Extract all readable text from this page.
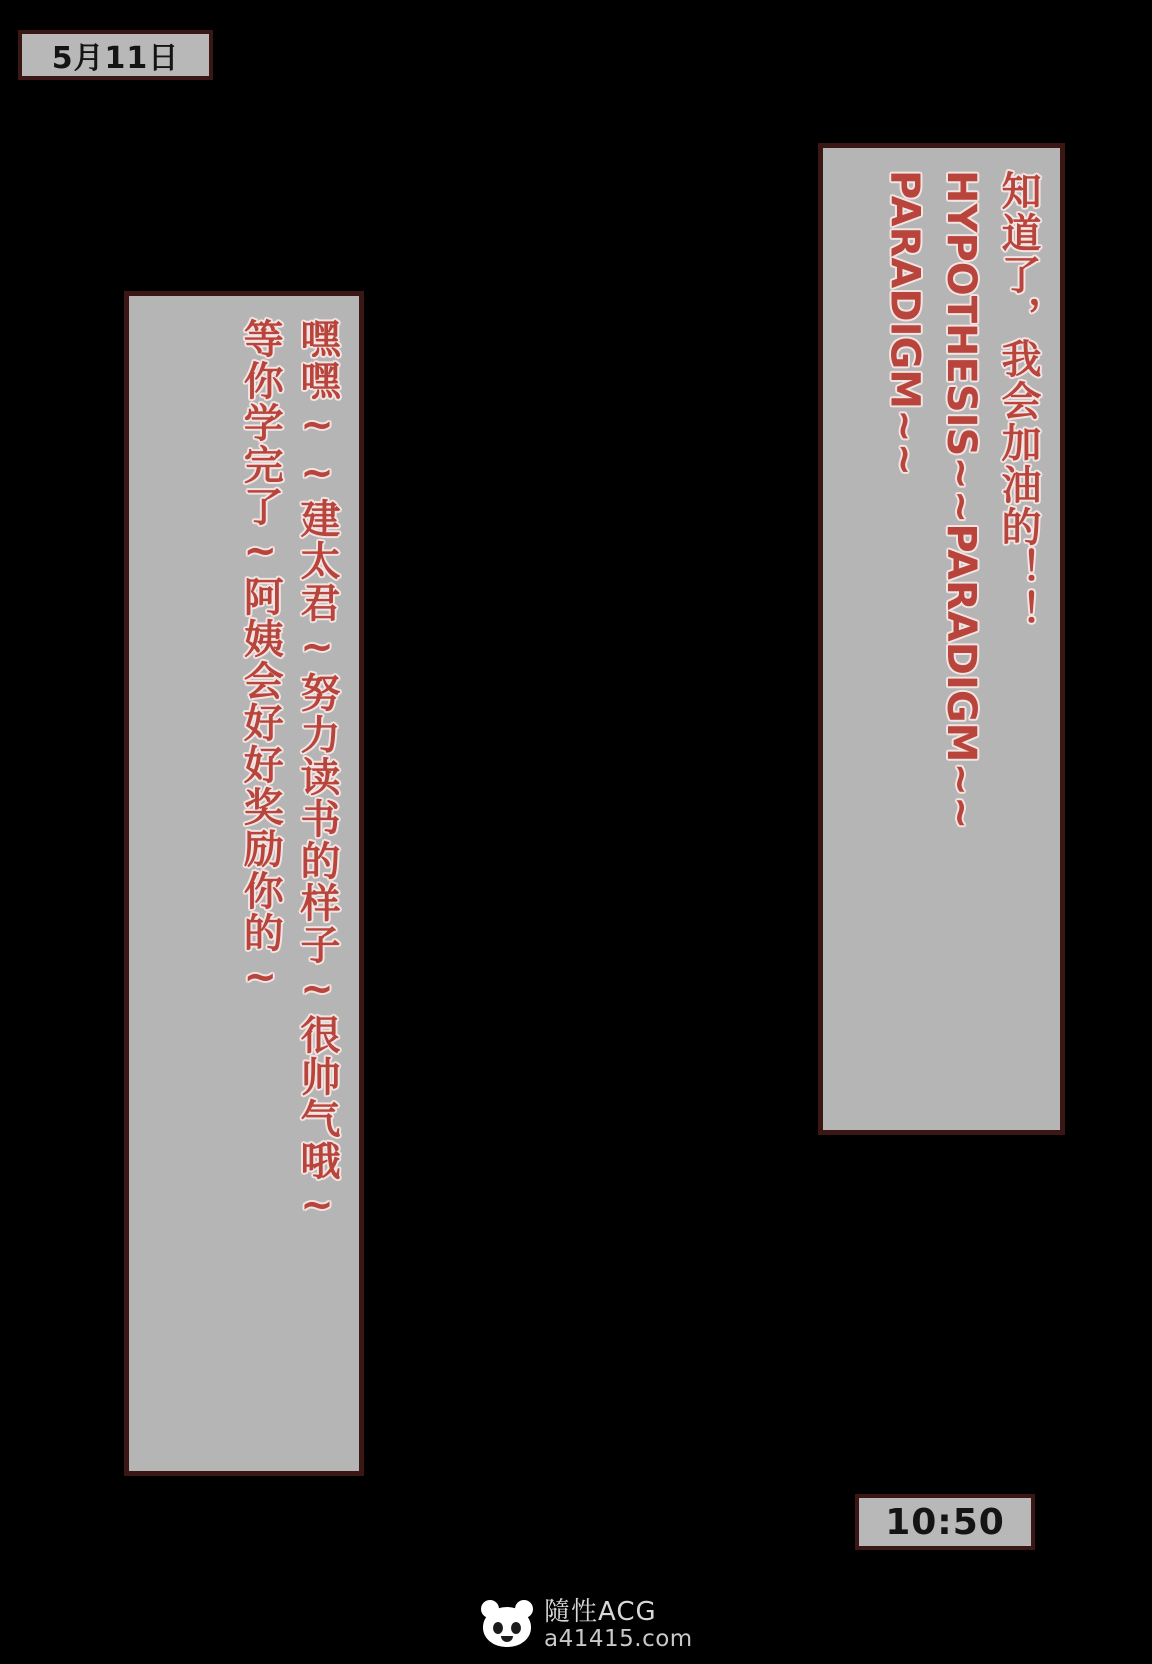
5月11日
知道了，我会加油的！！
HYPOTHESIS~~PARADIGM~~
PARADIGM~~
嘿嘿~~建太君~努力读书的样子~很帅气哦~
等你学完了~阿姨会好好奖励你的~
隨性ACG
a41415.com
10:50
